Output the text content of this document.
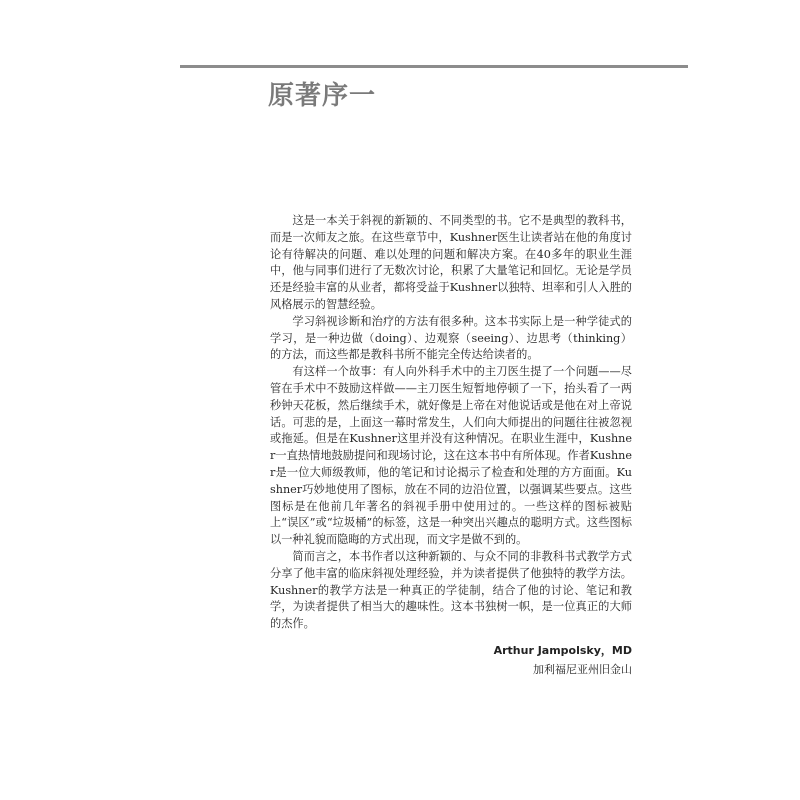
原著序一

这是一本关于斜视的新颖的、不同类型的书。它不是典型的教科书，而是一次师友之旅。在这些章节中，Kushner医生让读者站在他的角度讨论有待解决的问题、难以处理的问题和解决方案。在40多年的职业生涯中，他与同事们进行了无数次讨论，积累了大量笔记和回忆。无论是学员还是经验丰富的从业者，都将受益于Kushner以独特、坦率和引人入胜的风格展示的智慧经验。

学习斜视诊断和治疗的方法有很多种。这本书实际上是一种学徒式的学习，是一种边做（doing）、边观察（seeing）、边思考（thinking）的方法，而这些都是教科书所不能完全传达给读者的。

有这样一个故事：有人向外科手术中的主刀医生提了一个问题——尽管在手术中不鼓励这样做——主刀医生短暂地停顿了一下，抬头看了一两秒钟天花板，然后继续手术，就好像是上帝在对他说话或是他在对上帝说话。可悲的是，上面这一幕时常发生，人们向大师提出的问题往往被忽视或拖延。但是在Kushner这里并没有这种情况。在职业生涯中，Kushner一直热情地鼓励提问和现场讨论，这在这本书中有所体现。作者Kushner是一位大师级教师，他的笔记和讨论揭示了检查和处理的方方面面。Kushner巧妙地使用了图标，放在不同的边沿位置，以强调某些要点。这些图标是在他前几年著名的斜视手册中使用过的。一些这样的图标被贴上“误区”或“垃圾桶”的标签，这是一种突出兴趣点的聪明方式。这些图标以一种礼貌而隐晦的方式出现，而文字是做不到的。

简而言之，本书作者以这种新颖的、与众不同的非教科书式教学方式分享了他丰富的临床斜视处理经验，并为读者提供了他独特的教学方法。Kushner的教学方法是一种真正的学徒制，结合了他的讨论、笔记和教学，为读者提供了相当大的趣味性。这本书独树一帜，是一位真正的大师的杰作。

Arthur Jampolsky，MD
加利福尼亚州旧金山
